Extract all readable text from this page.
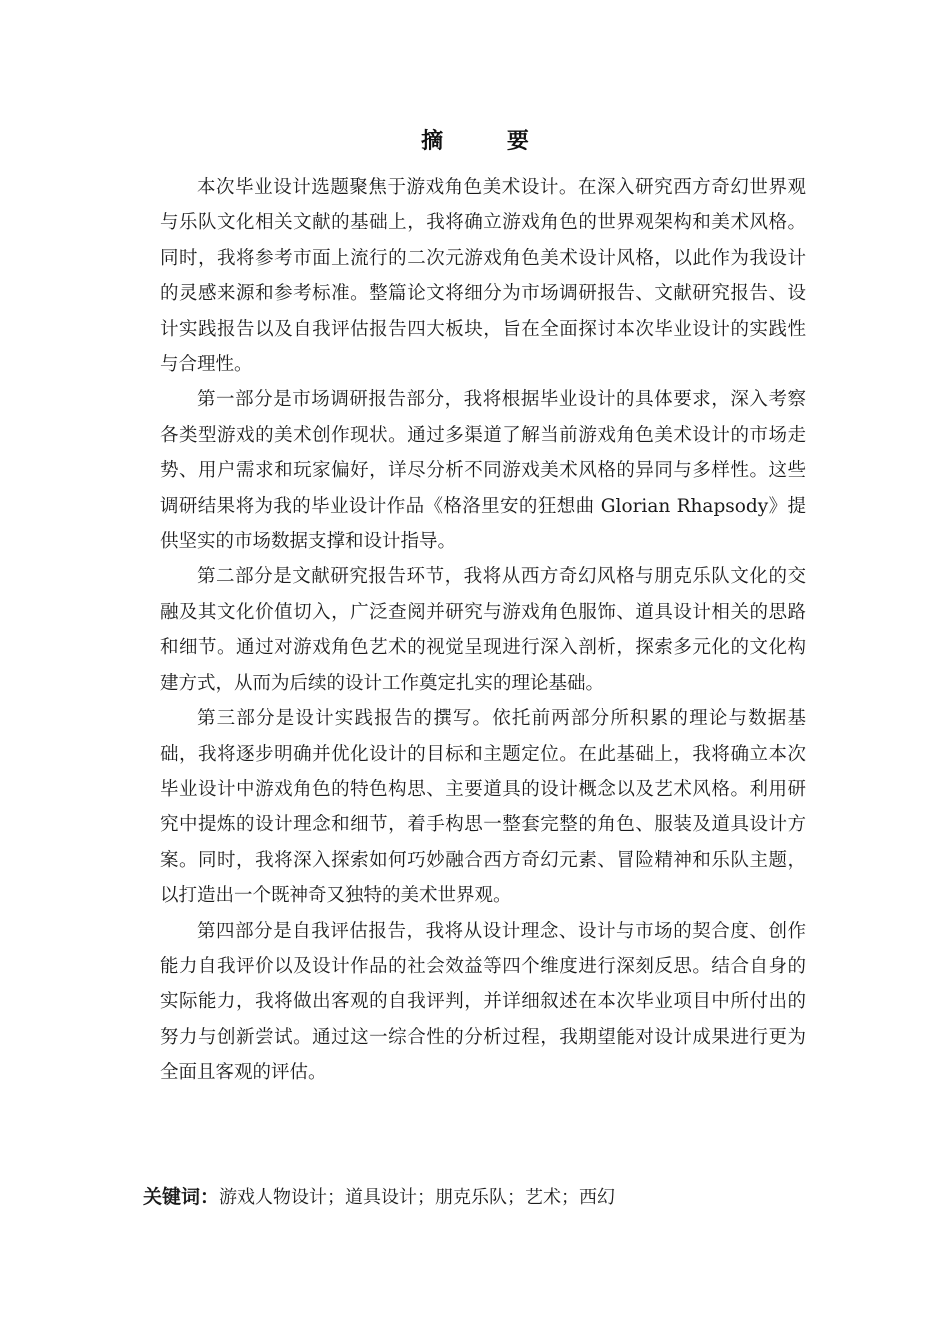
摘 要

本次毕业设计选题聚焦于游戏角色美术设计。在深入研究西方奇幻世界观与乐队文化相关文献的基础上，我将确立游戏角色的世界观架构和美术风格。同时，我将参考市面上流行的二次元游戏角色美术设计风格，以此作为我设计的灵感来源和参考标准。整篇论文将细分为市场调研报告、文献研究报告、设计实践报告以及自我评估报告四大板块，旨在全面探讨本次毕业设计的实践性与合理性。

第一部分是市场调研报告部分，我将根据毕业设计的具体要求，深入考察各类型游戏的美术创作现状。通过多渠道了解当前游戏角色美术设计的市场走势、用户需求和玩家偏好，详尽分析不同游戏美术风格的异同与多样性。这些调研结果将为我的毕业设计作品《格洛里安的狂想曲 Glorian Rhapsody》提供坚实的市场数据支撑和设计指导。

第二部分是文献研究报告环节，我将从西方奇幻风格与朋克乐队文化的交融及其文化价值切入，广泛查阅并研究与游戏角色服饰、道具设计相关的思路和细节。通过对游戏角色艺术的视觉呈现进行深入剖析，探索多元化的文化构建方式，从而为后续的设计工作奠定扎实的理论基础。

第三部分是设计实践报告的撰写。依托前两部分所积累的理论与数据基础，我将逐步明确并优化设计的目标和主题定位。在此基础上，我将确立本次毕业设计中游戏角色的特色构思、主要道具的设计概念以及艺术风格。利用研究中提炼的设计理念和细节，着手构思一整套完整的角色、服装及道具设计方案。同时，我将深入探索如何巧妙融合西方奇幻元素、冒险精神和乐队主题，以打造出一个既神奇又独特的美术世界观。

第四部分是自我评估报告，我将从设计理念、设计与市场的契合度、创作能力自我评价以及设计作品的社会效益等四个维度进行深刻反思。结合自身的实际能力，我将做出客观的自我评判，并详细叙述在本次毕业项目中所付出的努力与创新尝试。通过这一综合性的分析过程，我期望能对设计成果进行更为全面且客观的评估。

关键词：游戏人物设计；道具设计；朋克乐队；艺术；西幻
